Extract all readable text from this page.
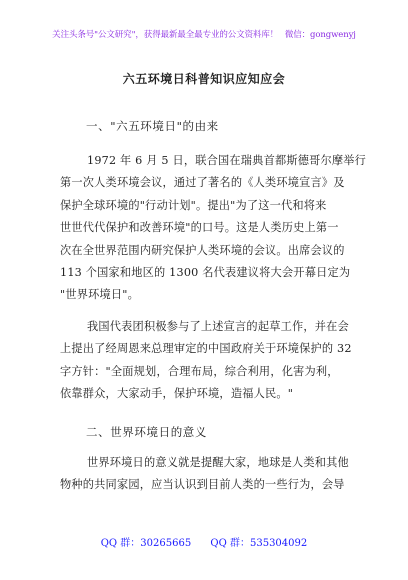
关注头条号"公文研究"，获得最新最全最专业的公文资料库！ 微信：gongwenyj
六五环境日科普知识应知应会
一、"六五环境日"的由来
1972 年 6 月 5 日，联合国在瑞典首都斯德哥尔摩举行
第一次人类环境会议，通过了著名的《人类环境宣言》及
保护全球环境的"行动计划"。提出"为了这一代和将来
世世代代保护和改善环境"的口号。这是人类历史上第一
次在全世界范围内研究保护人类环境的会议。出席会议的
113 个国家和地区的 1300 名代表建议将大会开幕日定为
"世界环境日"。
我国代表团积极参与了上述宣言的起草工作，并在会
上提出了经周恩来总理审定的中国政府关于环境保护的 32
字方针："全面规划，合理布局，综合利用，化害为利，
依靠群众，大家动手，保护环境，造福人民。"
二、世界环境日的意义
世界环境日的意义就是提醒大家，地球是人类和其他
物种的共同家园，应当认识到目前人类的一些行为，会导
QQ 群：30265665 QQ 群：535304092
